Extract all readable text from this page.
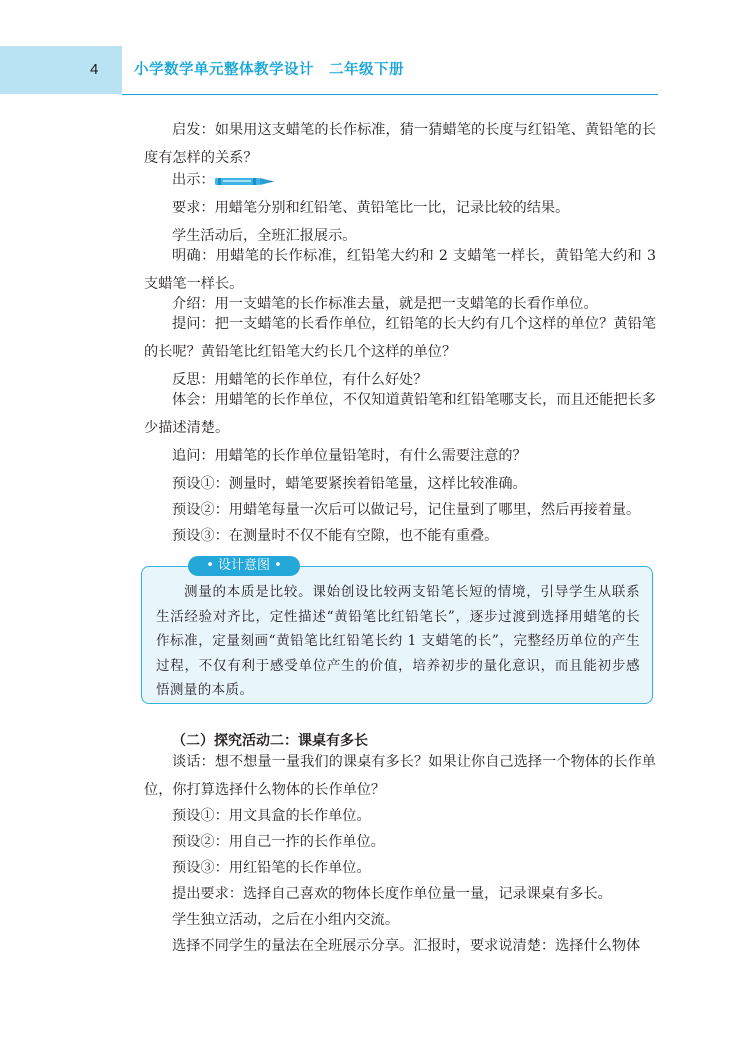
4	小学数学单元整体教学设计　二年级下册

启发：如果用这支蜡笔的长作标准，猜一猜蜡笔的长度与红铅笔、黄铅笔的长度有怎样的关系？

出示：
要求：用蜡笔分别和红铅笔、黄铅笔比一比，记录比较的结果。
学生活动后，全班汇报展示。

明确：用蜡笔的长作标准，红铅笔大约和 2 支蜡笔一样长，黄铅笔大约和 3 支蜡笔一样长。

介绍：用一支蜡笔的长作标准去量，就是把一支蜡笔的长看作单位。

提问：把一支蜡笔的长看作单位，红铅笔的长大约有几个这样的单位？黄铅笔的长呢？黄铅笔比红铅笔大约长几个这样的单位？

反思：用蜡笔的长作单位，有什么好处？

体会：用蜡笔的长作单位，不仅知道黄铅笔和红铅笔哪支长，而且还能把长多少描述清楚。

追问：用蜡笔的长作单位量铅笔时，有什么需要注意的？
预设①：测量时，蜡笔要紧挨着铅笔量，这样比较准确。
预设②：用蜡笔每量一次后可以做记号，记住量到了哪里，然后再接着量。
预设③：在测量时不仅不能有空隙，也不能有重叠。
• 设计意图 •

测量的本质是比较。课始创设比较两支铅笔长短的情境，引导学生从联系生活经验对齐比，定性描述“黄铅笔比红铅笔长”，逐步过渡到选择用蜡笔的长作标准，定量刻画“黄铅笔比红铅笔长约 1 支蜡笔的长”，完整经历单位的产生过程，不仅有利于感受单位产生的价值，培养初步的量化意识，而且能初步感悟测量的本质。

（二）探究活动二：课桌有多长

谈话：想不想量一量我们的课桌有多长？如果让你自己选择一个物体的长作单位，你打算选择什么物体的长作单位？

预设①：用文具盒的长作单位。
预设②：用自己一拃的长作单位。
预设③：用红铅笔的长作单位。
提出要求：选择自己喜欢的物体长度作单位量一量，记录课桌有多长。
学生独立活动，之后在小组内交流。
选择不同学生的量法在全班展示分享。汇报时，要求说清楚：选择什么物体
